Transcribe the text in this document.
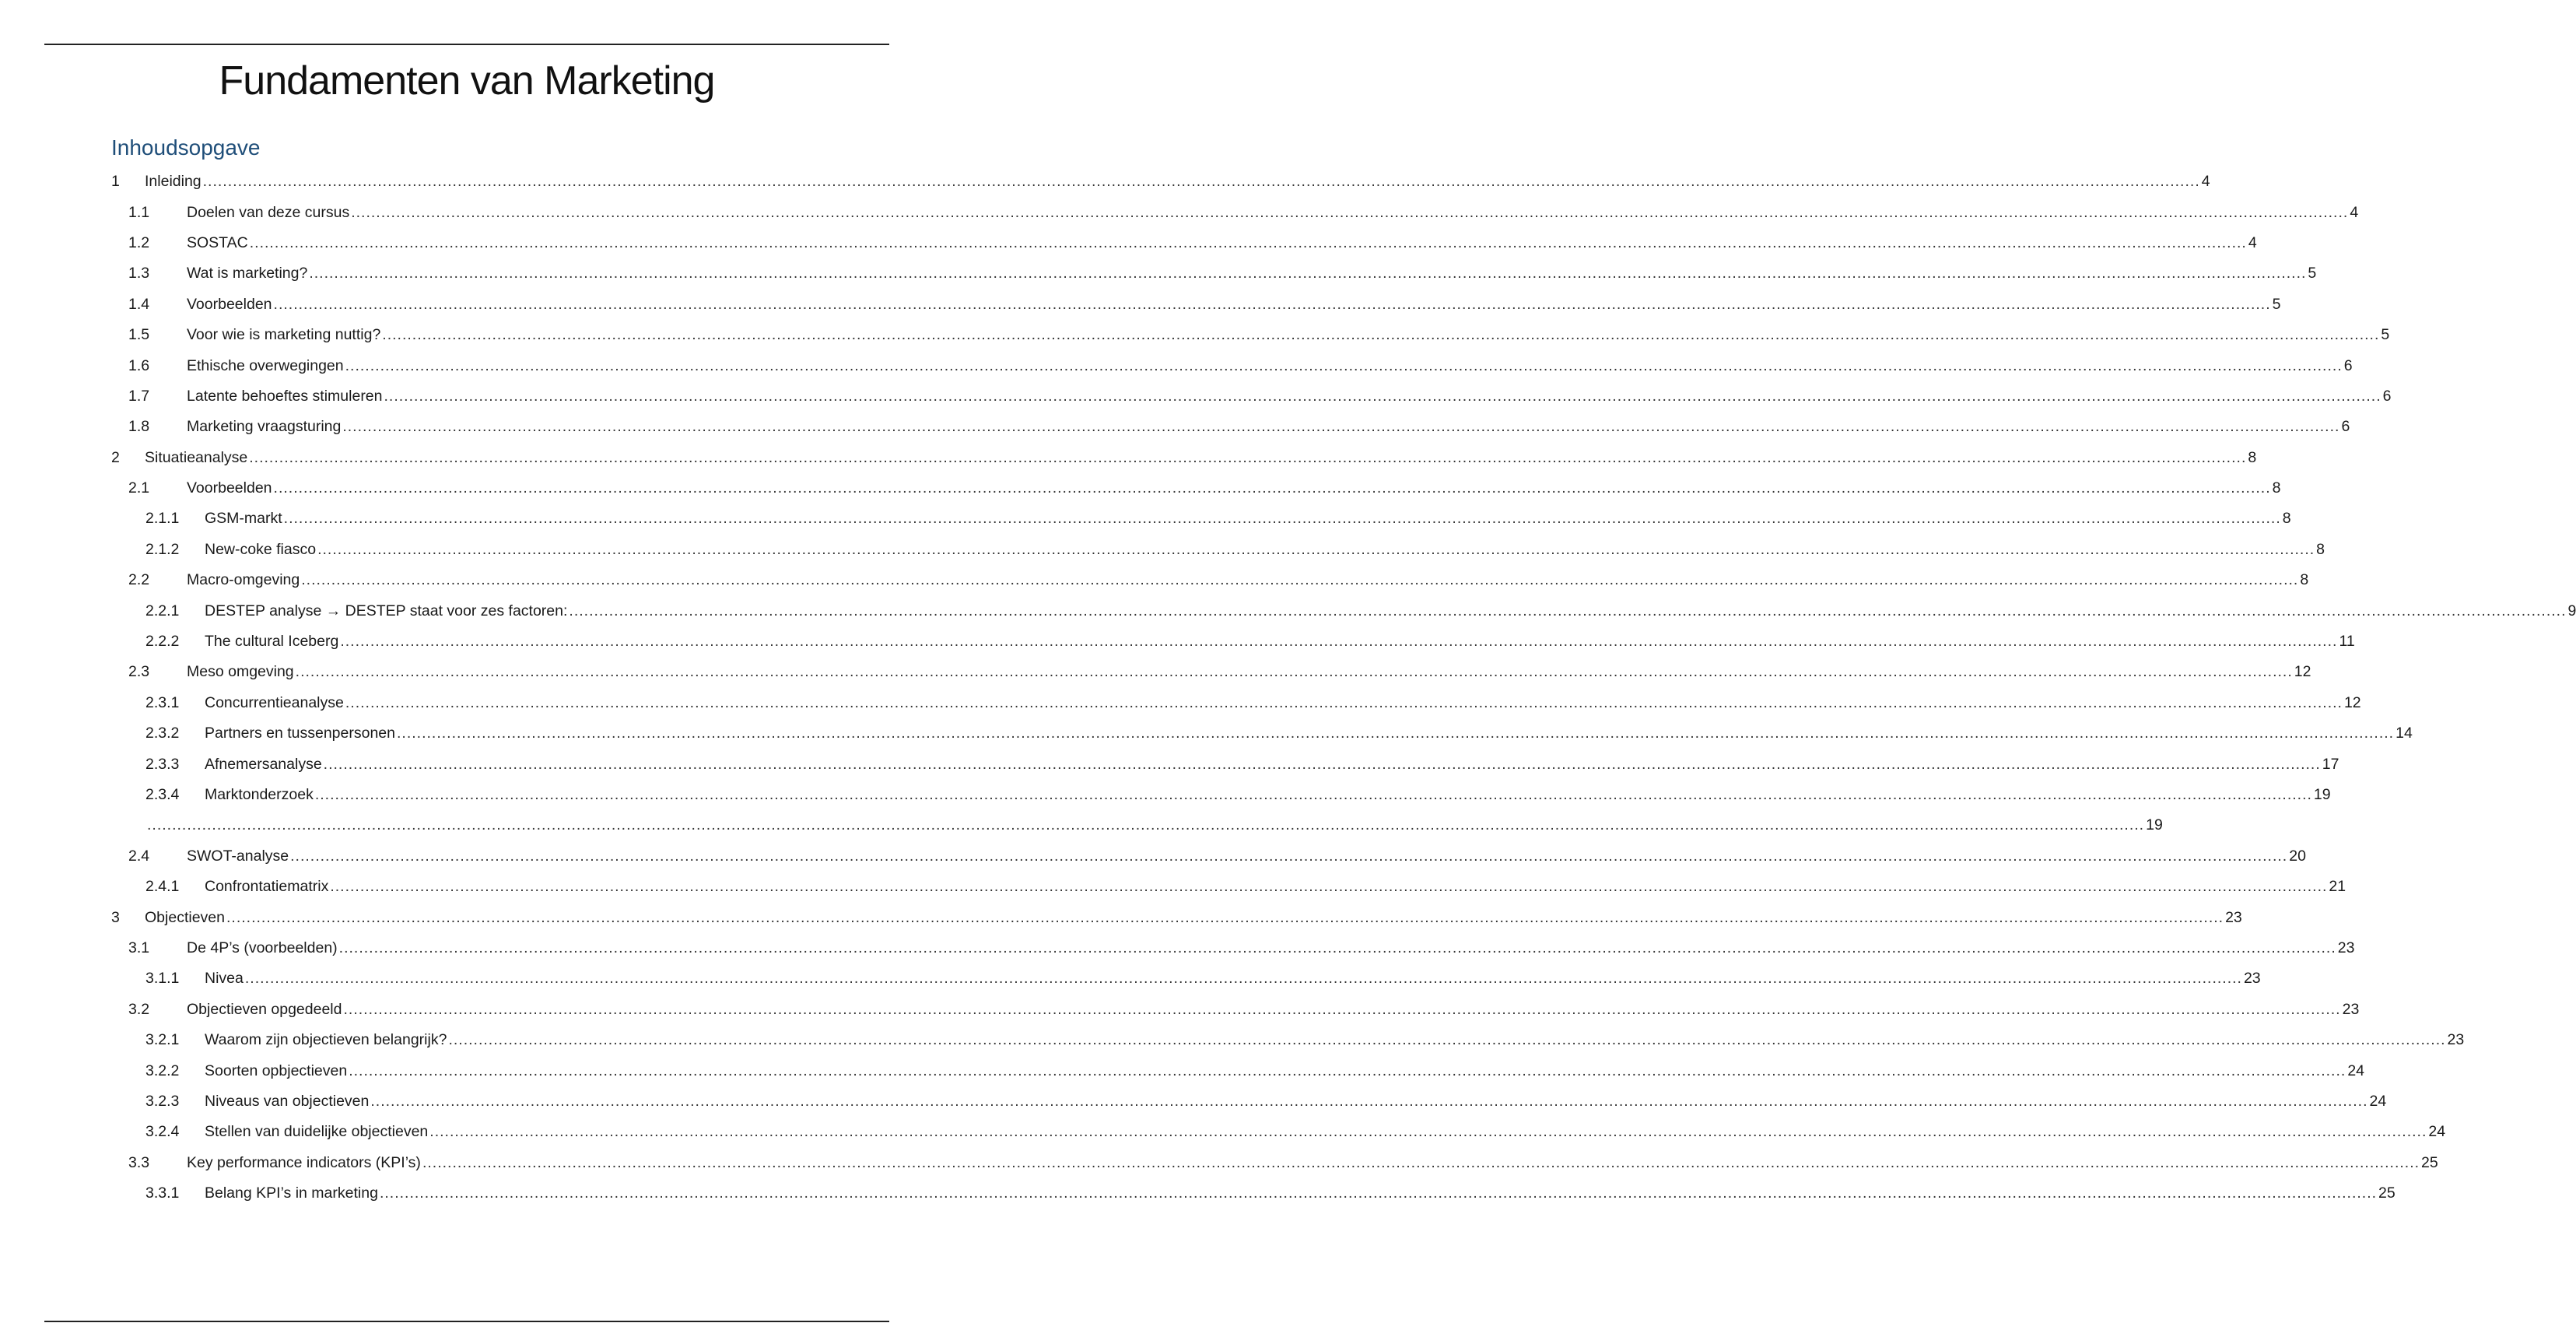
Fundamenten van Marketing
Inhoudsopgave
1	Inleiding ................................................................................................................................................................................................................................................................................................................................................................................................................ 4
1.1	Doelen van deze cursus ................................................................................................................................................................................................................................................................................................................................................................................................................ 4
1.2	SOSTAC ................................................................................................................................................................................................................................................................................................................................................................................................................ 4
1.3	Wat is marketing? ................................................................................................................................................................................................................................................................................................................................................................................................................ 5
1.4	Voorbeelden ................................................................................................................................................................................................................................................................................................................................................................................................................ 5
1.5	Voor wie is marketing nuttig? ................................................................................................................................................................................................................................................................................................................................................................................................................ 5
1.6	Ethische overwegingen ................................................................................................................................................................................................................................................................................................................................................................................................................ 6
1.7	Latente behoeftes stimuleren ................................................................................................................................................................................................................................................................................................................................................................................................................ 6
1.8	Marketing vraagsturing ................................................................................................................................................................................................................................................................................................................................................................................................................ 6
2	Situatieanalyse ................................................................................................................................................................................................................................................................................................................................................................................................................ 8
2.1	Voorbeelden ................................................................................................................................................................................................................................................................................................................................................................................................................ 8
2.1.1	GSM-markt ................................................................................................................................................................................................................................................................................................................................................................................................................ 8
2.1.2	New-coke fiasco ................................................................................................................................................................................................................................................................................................................................................................................................................ 8
2.2	Macro-omgeving ................................................................................................................................................................................................................................................................................................................................................................................................................ 8
2.2.1	DESTEP analyse → DESTEP staat voor zes factoren: ................................................................................................................................................................................................................................................................................................................................................................................................................ 9
2.2.2	The cultural Iceberg ................................................................................................................................................................................................................................................................................................................................................................................................................ 11
2.3	Meso omgeving ................................................................................................................................................................................................................................................................................................................................................................................................................ 12
2.3.1	Concurrentieanalyse ................................................................................................................................................................................................................................................................................................................................................................................................................ 12
2.3.2	Partners en tussenpersonen ................................................................................................................................................................................................................................................................................................................................................................................................................ 14
2.3.3	Afnemersanalyse ................................................................................................................................................................................................................................................................................................................................................................................................................ 17
2.3.4	Marktonderzoek ................................................................................................................................................................................................................................................................................................................................................................................................................ 19
................................................................................................................................................................................................................................................................................................................................................................................................................ 19
2.4	SWOT-analyse ................................................................................................................................................................................................................................................................................................................................................................................................................ 20
2.4.1	Confrontatiematrix ................................................................................................................................................................................................................................................................................................................................................................................................................ 21
3	Objectieven ................................................................................................................................................................................................................................................................................................................................................................................................................ 23
3.1	De 4P’s (voorbeelden) ................................................................................................................................................................................................................................................................................................................................................................................................................ 23
3.1.1	Nivea ................................................................................................................................................................................................................................................................................................................................................................................................................ 23
3.2	Objectieven opgedeeld ................................................................................................................................................................................................................................................................................................................................................................................................................ 23
3.2.1	Waarom zijn objectieven belangrijk? ................................................................................................................................................................................................................................................................................................................................................................................................................ 23
3.2.2	Soorten opbjectieven ................................................................................................................................................................................................................................................................................................................................................................................................................ 24
3.2.3	Niveaus van objectieven ................................................................................................................................................................................................................................................................................................................................................................................................................ 24
3.2.4	Stellen van duidelijke objectieven ................................................................................................................................................................................................................................................................................................................................................................................................................ 24
3.3	Key performance indicators (KPI’s) ................................................................................................................................................................................................................................................................................................................................................................................................................ 25
3.3.1	Belang KPI’s in marketing ................................................................................................................................................................................................................................................................................................................................................................................................................ 25
